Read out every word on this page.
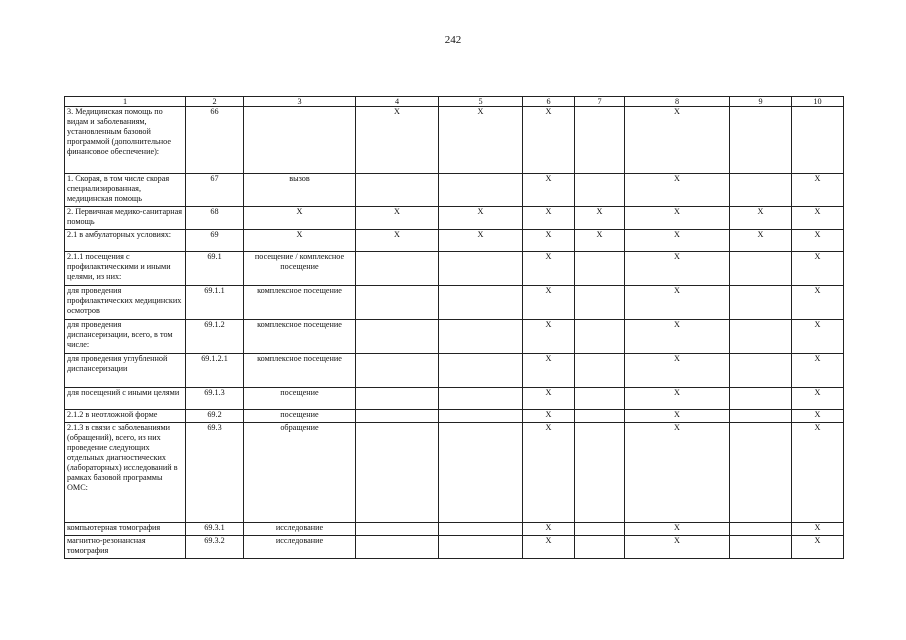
242
1	2	3	4	5	6	7	8	9	10
3. Медицинская помощь по видам и заболеваниям, установленным базовой программой (дополнительное финансовое обеспечение):	66		X	X	X		X		
1. Скорая, в том числе скорая специализированная, медицинская помощь	67	вызов			X		X		X
2. Первичная медико-санитарная помощь	68	X	X	X	X	X	X	X	X
2.1 в амбулаторных условиях:	69	X	X	X	X	X	X	X	X
2.1.1 посещения с профилактическими и иными целями, из них:	69.1	посещение / комплексное посещение			X		X		X
для проведения профилактических медицинских осмотров	69.1.1	комплексное посещение			X		X		X
для проведения диспансеризации, всего, в том числе:	69.1.2	комплексное посещение			X		X		X
для проведения углубленной диспансеризации	69.1.2.1	комплексное посещение			X		X		X
для посещений с иными целями	69.1.3	посещение			X		X		X
2.1.2 в неотложной форме	69.2	посещение			X		X		X
2.1.3 в связи с заболеваниями (обращений), всего, из них проведение следующих отдельных диагностических (лабораторных) исследований в рамках базовой программы ОМС:	69.3	обращение			X		X		X
компьютерная томография	69.3.1	исследование			X		X		X
магнитно-резонансная томография	69.3.2	исследование			X		X		X
